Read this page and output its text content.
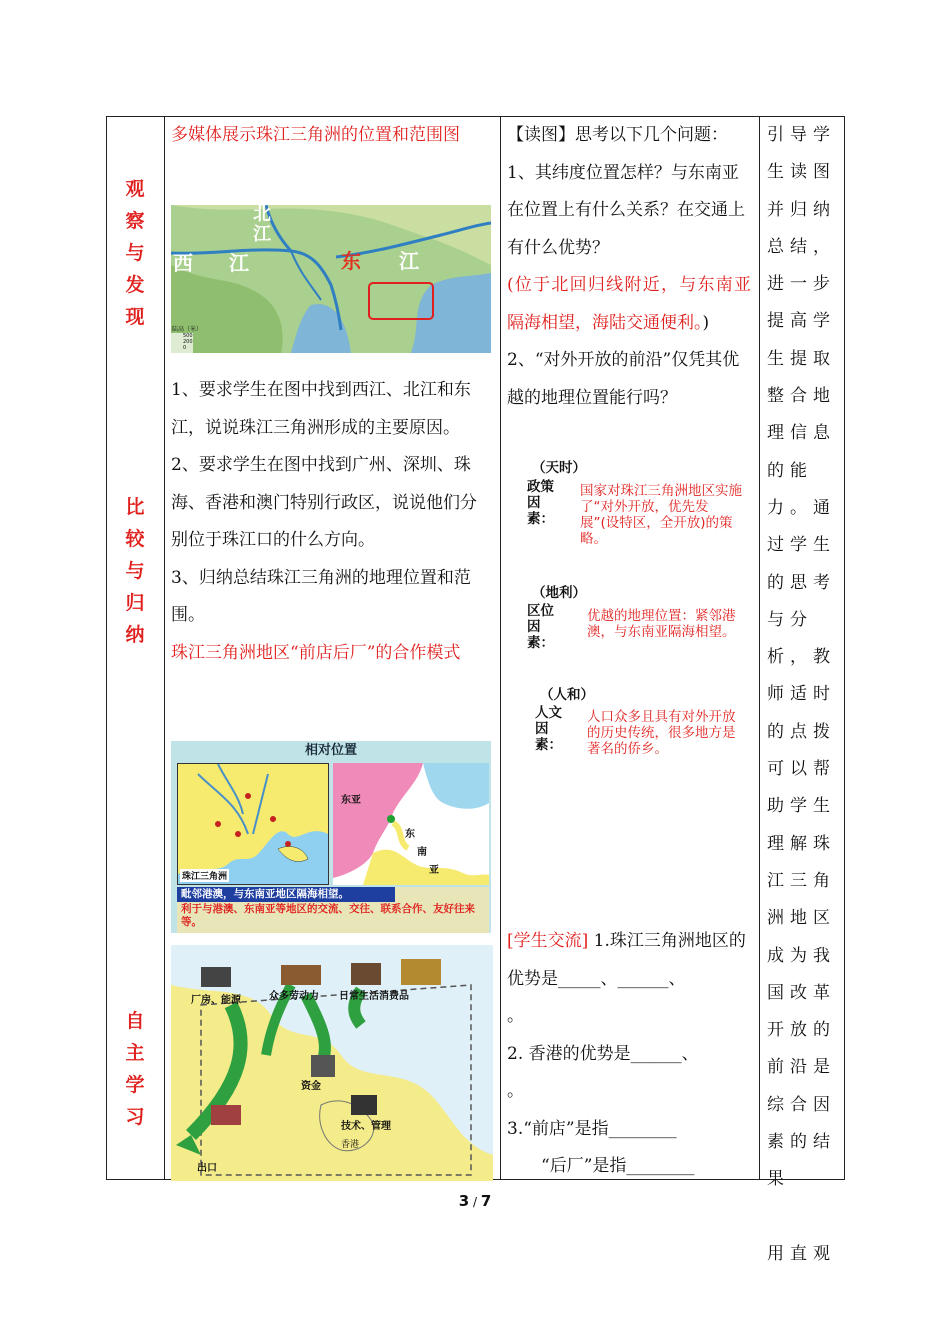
观察与发现
比较与归纳
自主学习

多媒体展示珠江三角洲的位置和范围图

北江
西 江	东 江
陆高（米）
500
200
0

1、要求学生在图中找到西江、北江和东江，说说珠江三角洲形成的主要原因。

2、要求学生在图中找到广州、深圳、珠海、香港和澳门特别行政区，说说他们分别位于珠江口的什么方向。

3、归纳总结珠江三角洲的地理位置和范围。

珠江三角洲地区“前店后厂”的合作模式

相对位置
珠江三角洲
东亚
东
南
亚
毗邻港澳，与东南亚地区隔海相望。
利于与港澳、东南亚等地区的交流、交往、联系合作、友好往来等。
厂房、能源	众多劳动力 日常生活消费品
资金
技术、管理
香港
出口

【读图】思考以下几个问题：

1、其纬度位置怎样？与东南亚在位置上有什么关系？在交通上有什么优势？

(位于北回归线附近，与东南亚隔海相望，海陆交通便利。)

2、“对外开放的前沿”仅凭其优越的地理位置能行吗？

（天时）
政策
因素：
国家对珠江三角洲地区实施了“对外开放，优先发展”(设特区，全开放)的策略。
（地利）
区位
因素：
优越的地理位置：紧邻港澳，与东南亚隔海相望。
（人和）
人文
因素：
人口众多且具有对外开放的历史传统，很多地方是著名的侨乡。

[学生交流] 1.珠江三角洲地区的优势是_____、______、

。

2. 香港的优势是______、

。

3.“前店”是指________

“后厂”是指________

引导学生读图并归纳总结，进一步提高学生提取整合地理信息的能力。通过学生的思考与分析，教师适时的点拨可以帮助学生理解珠江三角洲地区成为我国改革开放的前沿是综合因素的结果

用直观

3 / 7
